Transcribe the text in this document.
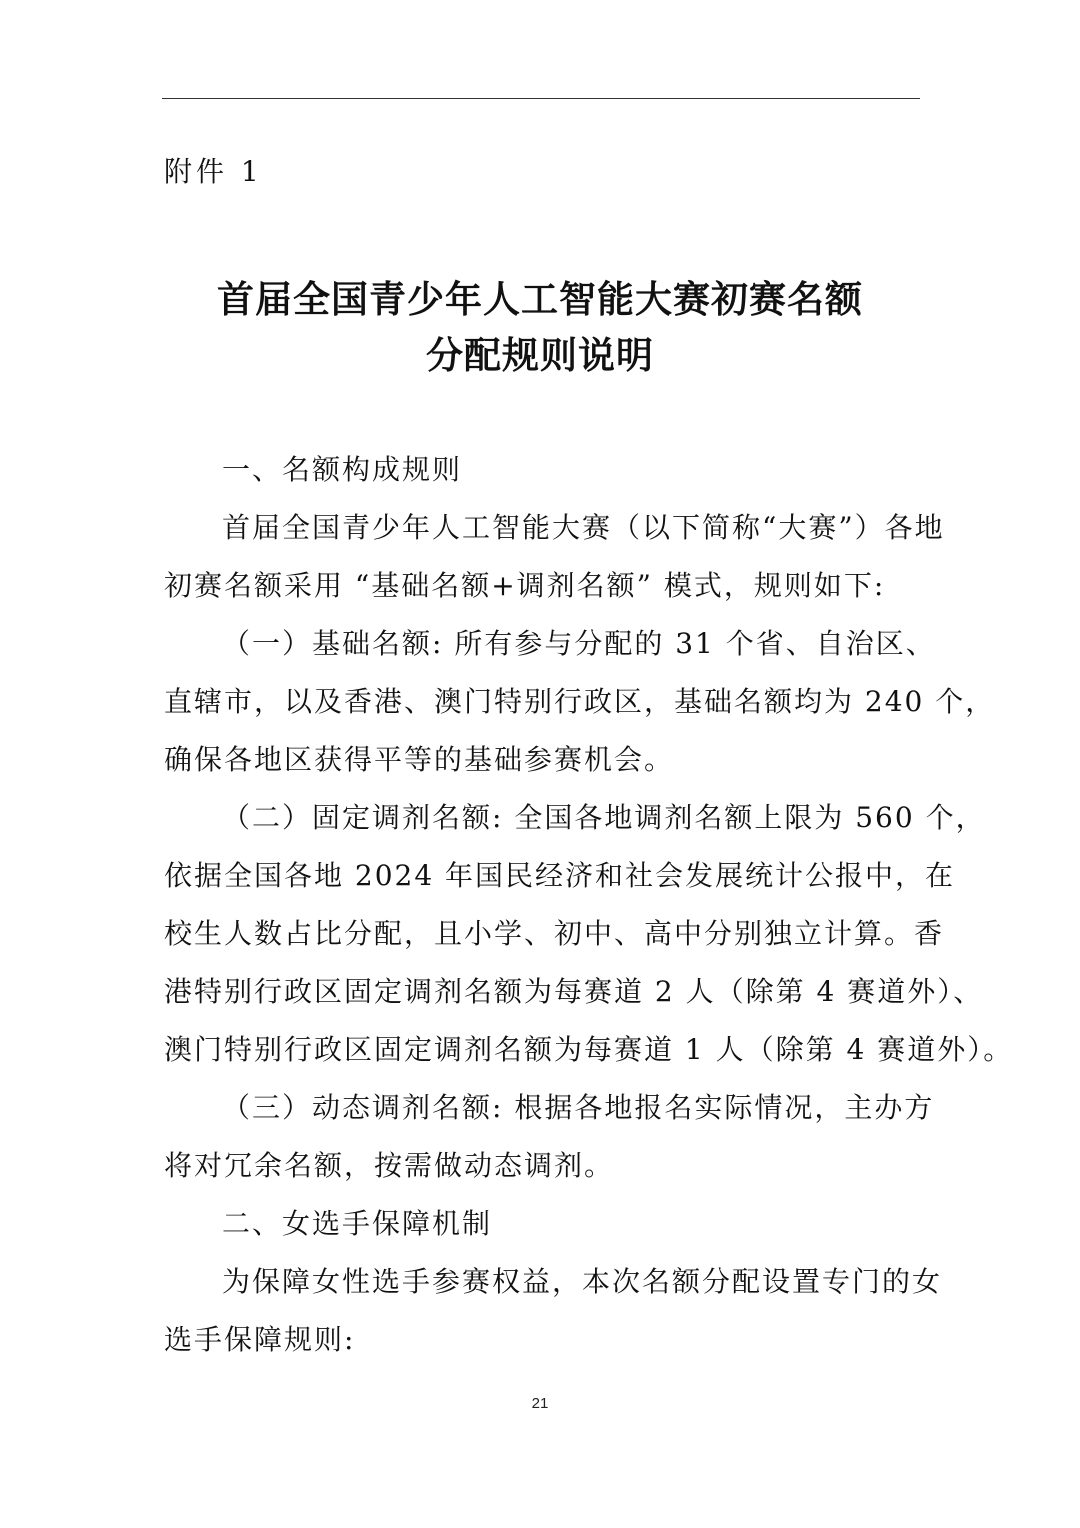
附件 1
首届全国青少年人工智能大赛初赛名额
分配规则说明
一、名额构成规则
首届全国青少年人工智能大赛（以下简称“大赛”）各地
初赛名额采用 “基础名额+调剂名额” 模式，规则如下:
（一）基础名额: 所有参与分配的 31 个省、自治区、
直辖市，以及香港、澳门特别行政区，基础名额均为 240 个，
确保各地区获得平等的基础参赛机会。
（二）固定调剂名额: 全国各地调剂名额上限为 560 个，
依据全国各地 2024 年国民经济和社会发展统计公报中，在
校生人数占比分配，且小学、初中、高中分别独立计算。香
港特别行政区固定调剂名额为每赛道 2 人（除第 4 赛道外）、
澳门特别行政区固定调剂名额为每赛道 1 人（除第 4 赛道外）。
（三）动态调剂名额: 根据各地报名实际情况，主办方
将对冗余名额，按需做动态调剂。
二、女选手保障机制
为保障女性选手参赛权益，本次名额分配设置专门的女
选手保障规则:
21
